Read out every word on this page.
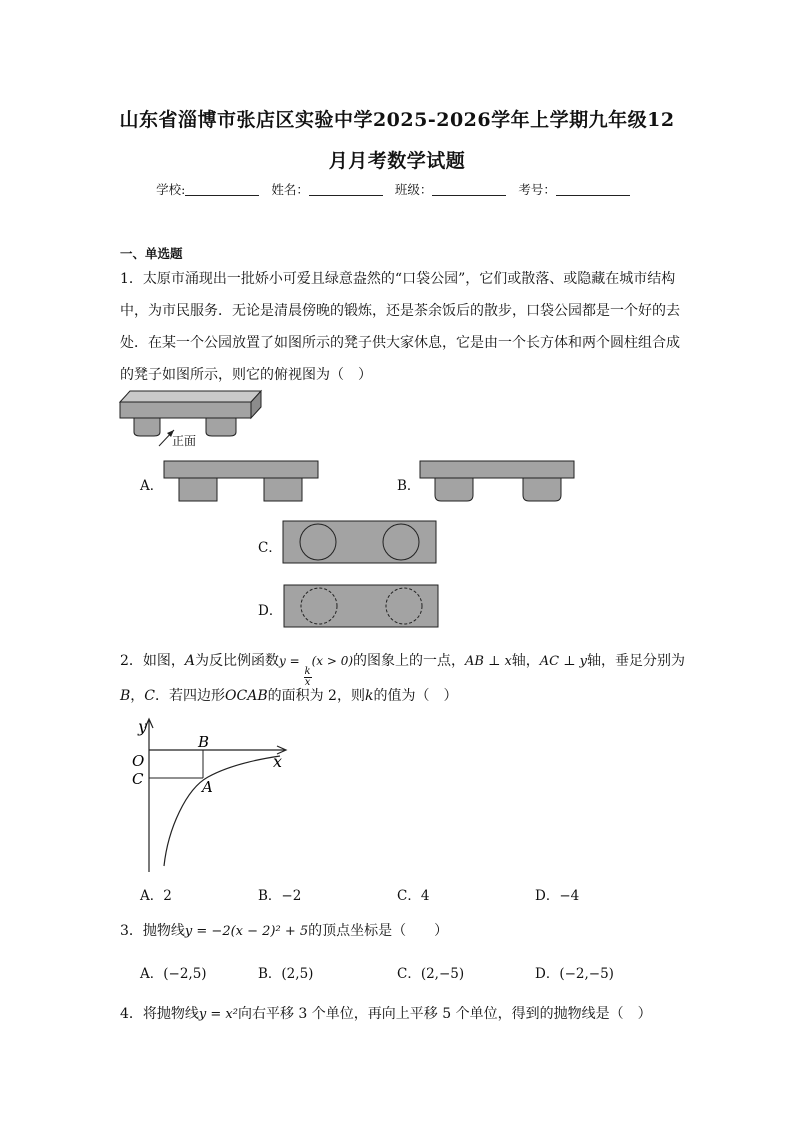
山东省淄博市张店区实验中学2025-2026学年上学期九年级12
月月考数学试题
学校:	姓名：	班级：	考号：
一、单选题
1．太原市涌现出一批娇小可爱且绿意盎然的“口袋公园”，它们或散落、或隐藏在城市结构
中，为市民服务．无论是清晨傍晚的锻炼，还是茶余饭后的散步，口袋公园都是一个好的去
处．在某一个公园放置了如图所示的凳子供大家休息，它是由一个长方体和两个圆柱组合成
的凳子如图所示，则它的俯视图为（　）
正面
A．	B．
C．
D．
2．如图，A为反比例函数y =
$\frac{k}{x}$
(x > 0)的图象上的一点，AB ⊥ x轴，AC ⊥ y轴，垂足分别为
B，C．若四边形OCAB的面积为 2，则k的值为（　）
y
x
O
B
C	A
A．2	B．−2	C．4	D．−4
3．抛物线y = −2(x − 2)² + 5的顶点坐标是（　　）
A．(−2,5)	B．(2,5)	C．(2,−5)	D．(−2,−5)
4．将抛物线y = x²向右平移 3 个单位，再向上平移 5 个单位，得到的抛物线是（　）
